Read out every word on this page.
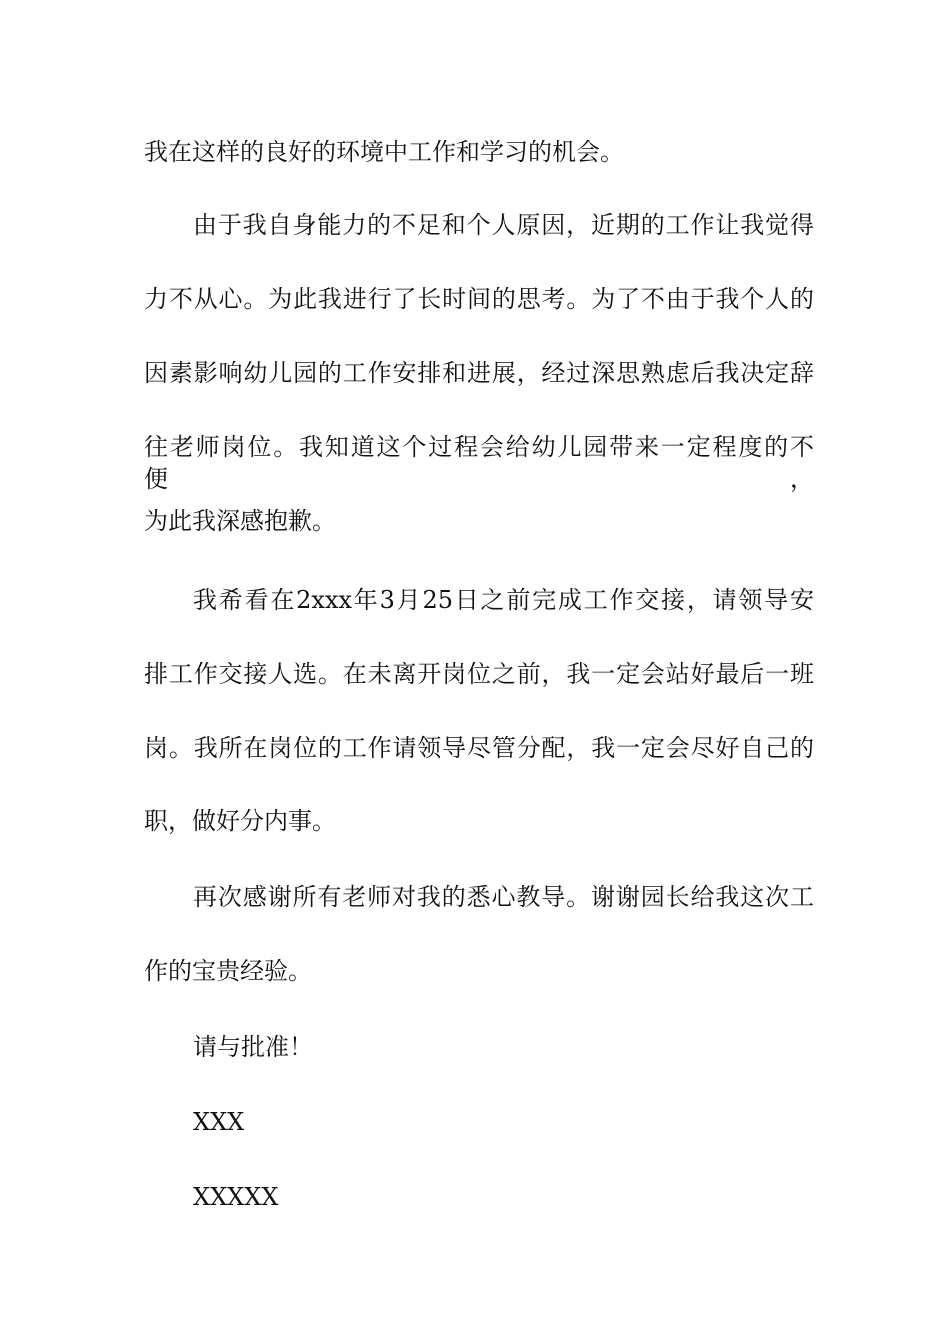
我在这样的良好的环境中工作和学习的机会。

由于我自身能力的不足和个人原因，近期的工作让我觉得

力不从心。为此我进行了长时间的思考。为了不由于我个人的

因素影响幼儿园的工作安排和进展，经过深思熟虑后我决定辞

往老师岗位。我知道这个过程会给幼儿园带来一定程度的不便，

为此我深感抱歉。

我希看在2xxx年3月25日之前完成工作交接，请领导安

排工作交接人选。在未离开岗位之前，我一定会站好最后一班

岗。我所在岗位的工作请领导尽管分配，我一定会尽好自己的

职，做好分内事。

再次感谢所有老师对我的悉心教导。谢谢园长给我这次工

作的宝贵经验。

请与批准！

XXX

XXXXX
